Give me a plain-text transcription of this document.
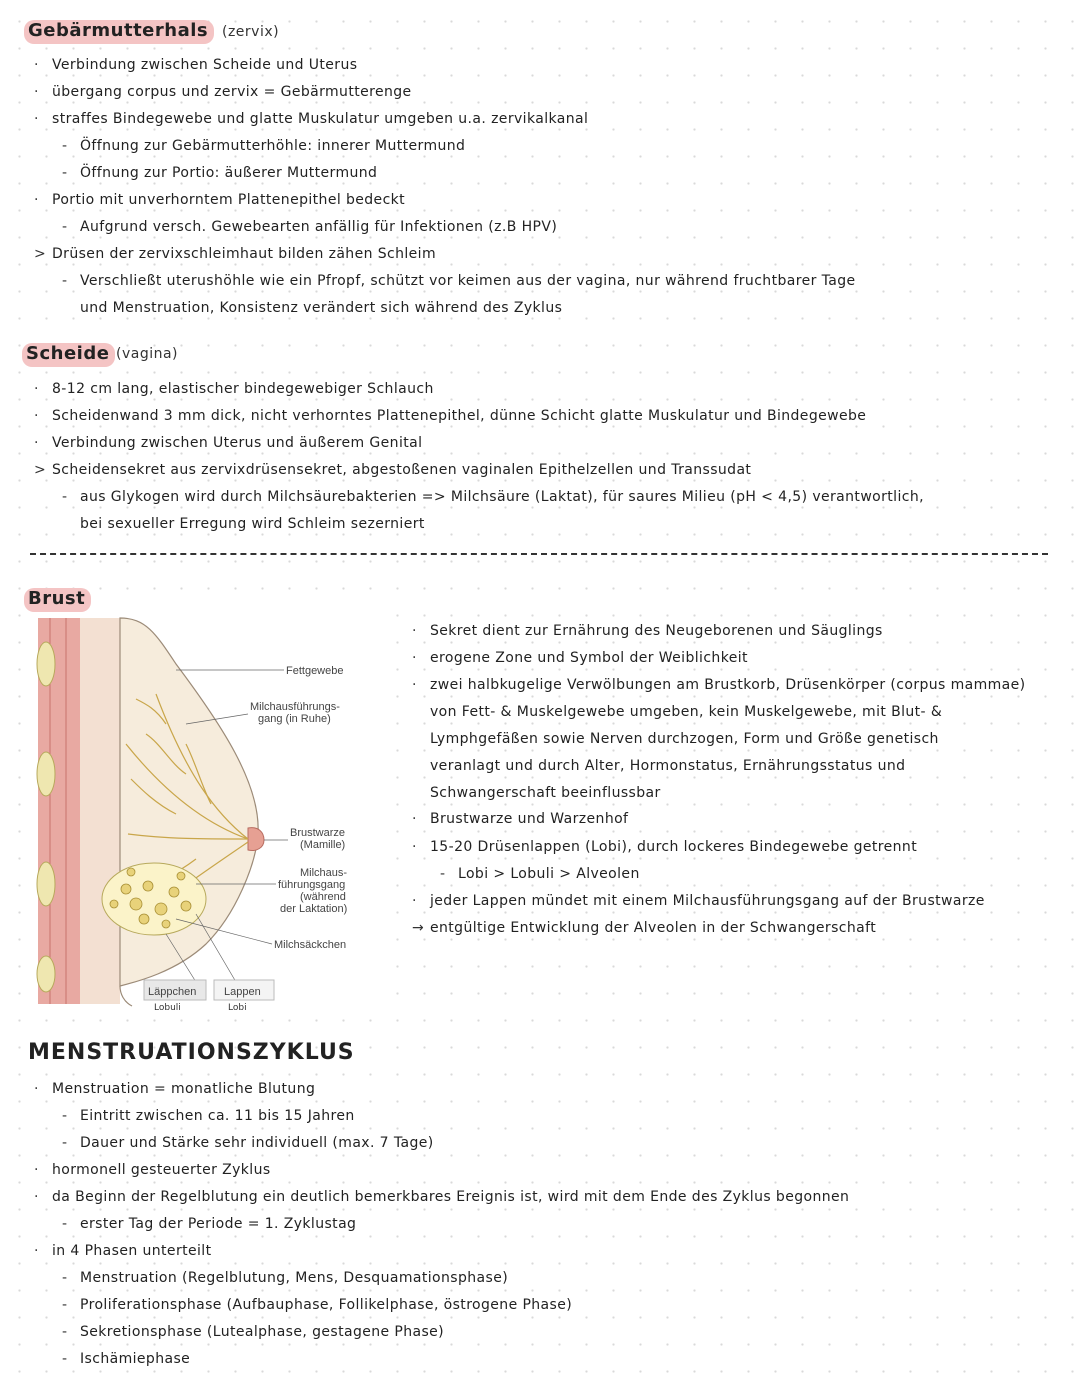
Gebärmutterhals (zervix)
· Verbindung zwischen Scheide und Uterus
· übergang corpus und zervix = Gebärmutterenge
· straffes Bindegewebe und glatte Muskulatur umgeben u.a. zervikalkanal
- Öffnung zur Gebärmutterhöhle: innerer Muttermund
- Öffnung zur Portio: äußerer Muttermund
· Portio mit unverhorntem Plattenepithel bedeckt
- Aufgrund versch. Gewebearten anfällig für Infektionen (z.B HPV)
> Drüsen der zervixschleimhaut bilden zähen Schleim
- Verschließt uterushöhle wie ein Pfropf, schützt vor keimen aus der vagina, nur während fruchtbarer Tage
und Menstruation, Konsistenz verändert sich während des Zyklus
Scheide (vagina)
· 8-12 cm lang, elastischer bindegewebiger Schlauch
· Scheidenwand 3 mm dick, nicht verhorntes Plattenepithel, dünne Schicht glatte Muskulatur und Bindegewebe
· Verbindung zwischen Uterus und äußerem Genital
> Scheidensekret aus zervixdrüsensekret, abgestoßenen vaginalen Epithelzellen und Transsudat
- aus Glykogen wird durch Milchsäurebakterien => Milchsäure (Laktat), für saures Milieu (pH < 4,5) verantwortlich,
bei sexueller Erregung wird Schleim sezerniert
Brust
Fettgewebe
Milchausführungs-
gang (in Ruhe)
Brustwarze
(Mamille)
Milchaus-
führungsgang
(während
der Laktation)
Milchsäckchen
Läppchen	Lappen
Lobuli	Lobi
· Sekret dient zur Ernährung des Neugeborenen und Säuglings
· erogene Zone und Symbol der Weiblichkeit
· zwei halbkugelige Verwölbungen am Brustkorb, Drüsenkörper (corpus mammae)
von Fett- & Muskelgewebe umgeben, kein Muskelgewebe, mit Blut- &
Lymphgefäßen sowie Nerven durchzogen, Form und Größe genetisch
veranlagt und durch Alter, Hormonstatus, Ernährungsstatus und
Schwangerschaft beeinflussbar
· Brustwarze und Warzenhof
· 15-20 Drüsenlappen (Lobi), durch lockeres Bindegewebe getrennt
- Lobi > Lobuli > Alveolen
· jeder Lappen mündet mit einem Milchausführungsgang auf der Brustwarze
→ entgültige Entwicklung der Alveolen in der Schwangerschaft
MENSTRUATIONSZYKLUS
· Menstruation = monatliche Blutung
- Eintritt zwischen ca. 11 bis 15 Jahren
- Dauer und Stärke sehr individuell (max. 7 Tage)
· hormonell gesteuerter Zyklus
· da Beginn der Regelblutung ein deutlich bemerkbares Ereignis ist, wird mit dem Ende des Zyklus begonnen
- erster Tag der Periode = 1. Zyklustag
· in 4 Phasen unterteilt
- Menstruation (Regelblutung, Mens, Desquamationsphase)
- Proliferationsphase (Aufbauphase, Follikelphase, östrogene Phase)
- Sekretionsphase (Lutealphase, gestagene Phase)
- Ischämiephase
